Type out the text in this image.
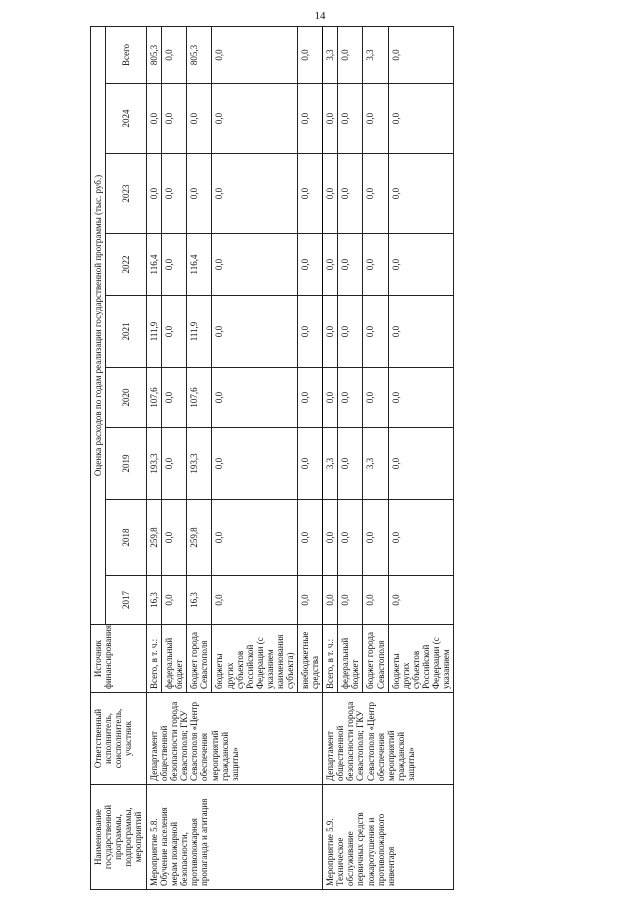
14
Наименование государственной программы, подпрограммы, мероприятий	Ответственный исполнитель, соисполнитель, участник	Источник финансирования	Оценка расходов по годам реализации государственной программы (тыс. руб.)								
			2017	2018	2019	2020	2021	2022	2023	2024	Всего
Мероприятие 5.8. Обучение населения мерам пожарной безопасности, противопожарная пропаганда и агитация	Департамент общественной безопасности города Севастополя; ГКУ Севастополя «Центр обеспечения мероприятий гражданской защиты»	Всего, в т. ч.:	16,3	259,8	193,3	107,6	111,9	116,4	0,0	0,0	805,3
		федеральный бюджет	0,0	0,0	0,0	0,0	0,0	0,0	0,0	0,0	0,0
		бюджет города Севастополя	16,3	259,8	193,3	107,6	111,9	116,4	0,0	0,0	805,3
		бюджеты других субъектов Российской Федерации (с указанием наименования субъекта)	0,0	0,0	0,0	0,0	0,0	0,0	0,0	0,0	0,0
		внебюджетные средства	0,0	0,0	0,0	0,0	0,0	0,0	0,0	0,0	0,0
Мероприятие 5.9. Техническое обслуживание первичных средств пожаротушения и противопожарного инвентаря	Департамент общественной безопасности города Севастополя; ГКУ Севастополя «Центр обеспечения мероприятий гражданской защиты»	Всего, в т. ч.:	0,0	0,0	3,3	0,0	0,0	0,0	0,0	0,0	3,3
		федеральный бюджет	0,0	0,0	0,0	0,0	0,0	0,0	0,0	0,0	0,0
		бюджет города Севастополя	0,0	0,0	3,3	0,0	0,0	0,0	0,0	0,0	3,3
		бюджеты других субъектов Российской Федерации (с указанием	0,0	0,0	0,0	0,0	0,0	0,0	0,0	0,0	0,0
